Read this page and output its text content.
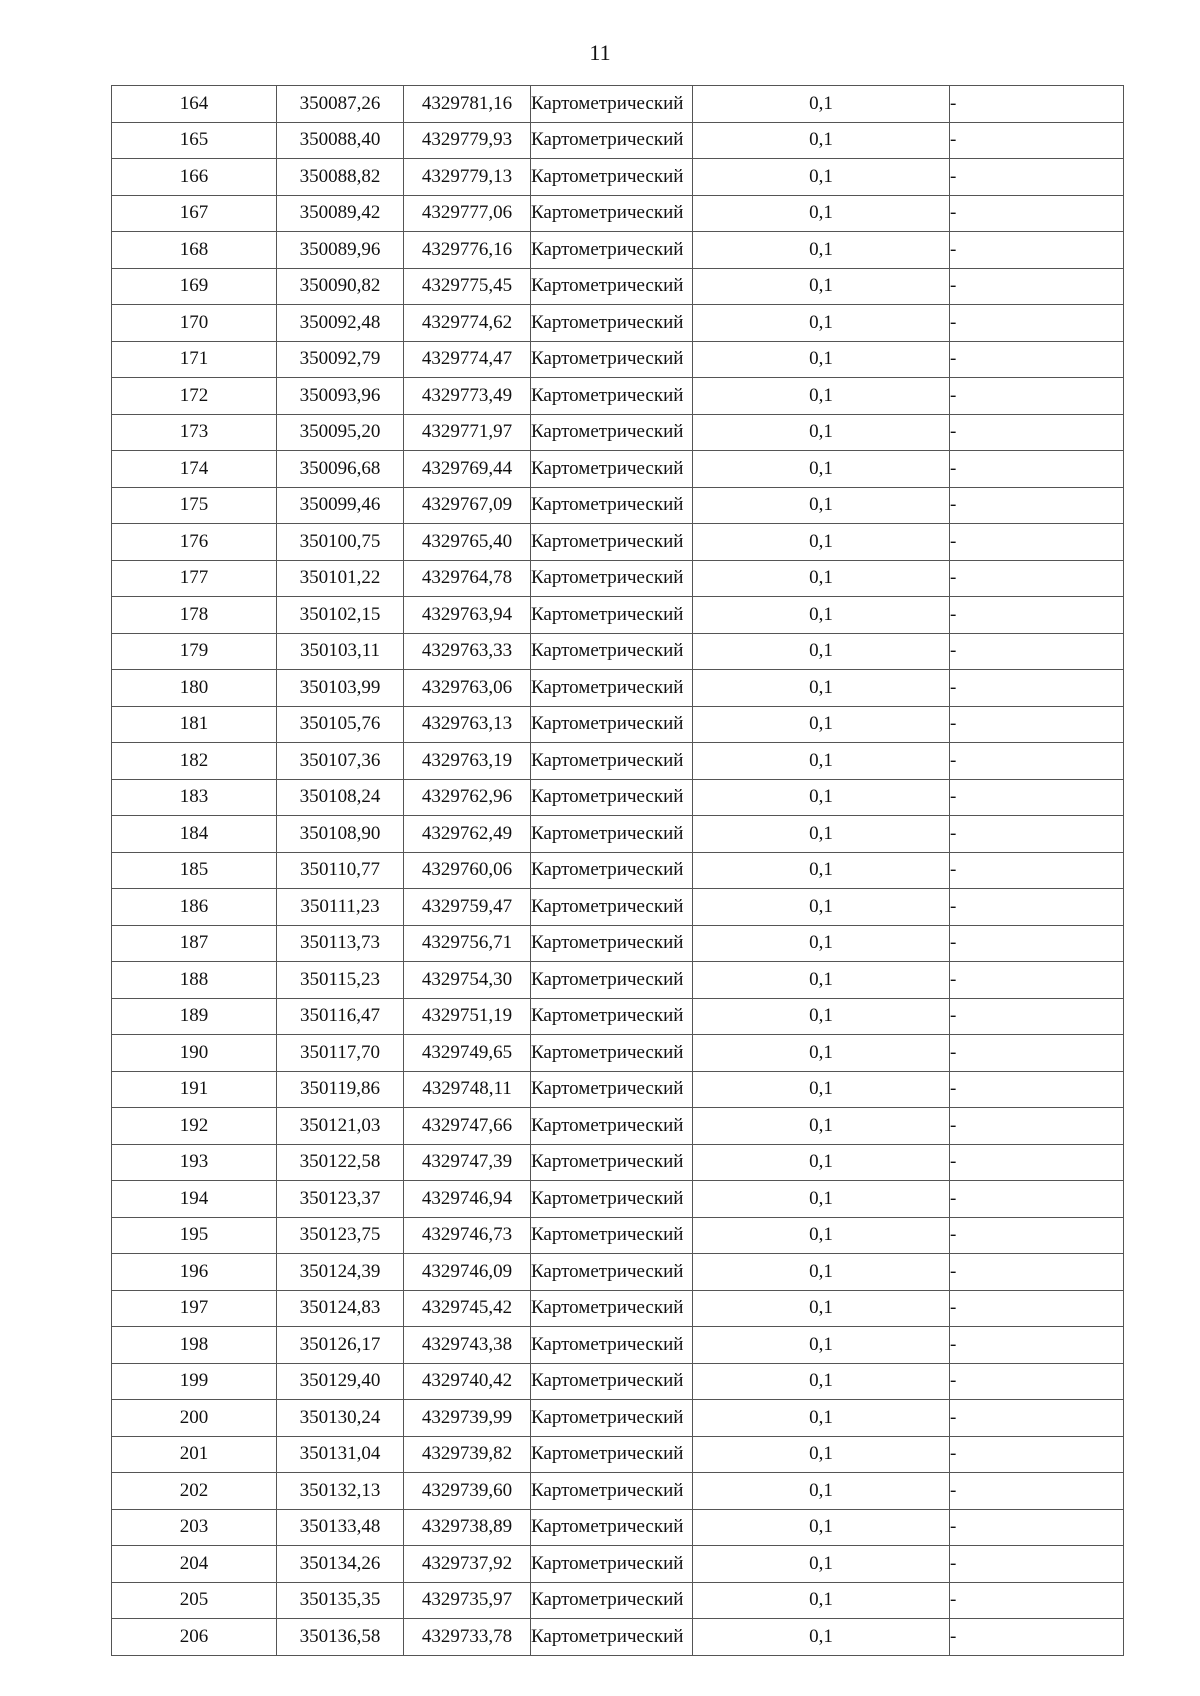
11
164	350087,26	4329781,16	Картометрический	0,1	-
165	350088,40	4329779,93	Картометрический	0,1	-
166	350088,82	4329779,13	Картометрический	0,1	-
167	350089,42	4329777,06	Картометрический	0,1	-
168	350089,96	4329776,16	Картометрический	0,1	-
169	350090,82	4329775,45	Картометрический	0,1	-
170	350092,48	4329774,62	Картометрический	0,1	-
171	350092,79	4329774,47	Картометрический	0,1	-
172	350093,96	4329773,49	Картометрический	0,1	-
173	350095,20	4329771,97	Картометрический	0,1	-
174	350096,68	4329769,44	Картометрический	0,1	-
175	350099,46	4329767,09	Картометрический	0,1	-
176	350100,75	4329765,40	Картометрический	0,1	-
177	350101,22	4329764,78	Картометрический	0,1	-
178	350102,15	4329763,94	Картометрический	0,1	-
179	350103,11	4329763,33	Картометрический	0,1	-
180	350103,99	4329763,06	Картометрический	0,1	-
181	350105,76	4329763,13	Картометрический	0,1	-
182	350107,36	4329763,19	Картометрический	0,1	-
183	350108,24	4329762,96	Картометрический	0,1	-
184	350108,90	4329762,49	Картометрический	0,1	-
185	350110,77	4329760,06	Картометрический	0,1	-
186	350111,23	4329759,47	Картометрический	0,1	-
187	350113,73	4329756,71	Картометрический	0,1	-
188	350115,23	4329754,30	Картометрический	0,1	-
189	350116,47	4329751,19	Картометрический	0,1	-
190	350117,70	4329749,65	Картометрический	0,1	-
191	350119,86	4329748,11	Картометрический	0,1	-
192	350121,03	4329747,66	Картометрический	0,1	-
193	350122,58	4329747,39	Картометрический	0,1	-
194	350123,37	4329746,94	Картометрический	0,1	-
195	350123,75	4329746,73	Картометрический	0,1	-
196	350124,39	4329746,09	Картометрический	0,1	-
197	350124,83	4329745,42	Картометрический	0,1	-
198	350126,17	4329743,38	Картометрический	0,1	-
199	350129,40	4329740,42	Картометрический	0,1	-
200	350130,24	4329739,99	Картометрический	0,1	-
201	350131,04	4329739,82	Картометрический	0,1	-
202	350132,13	4329739,60	Картометрический	0,1	-
203	350133,48	4329738,89	Картометрический	0,1	-
204	350134,26	4329737,92	Картометрический	0,1	-
205	350135,35	4329735,97	Картометрический	0,1	-
206	350136,58	4329733,78	Картометрический	0,1	-
